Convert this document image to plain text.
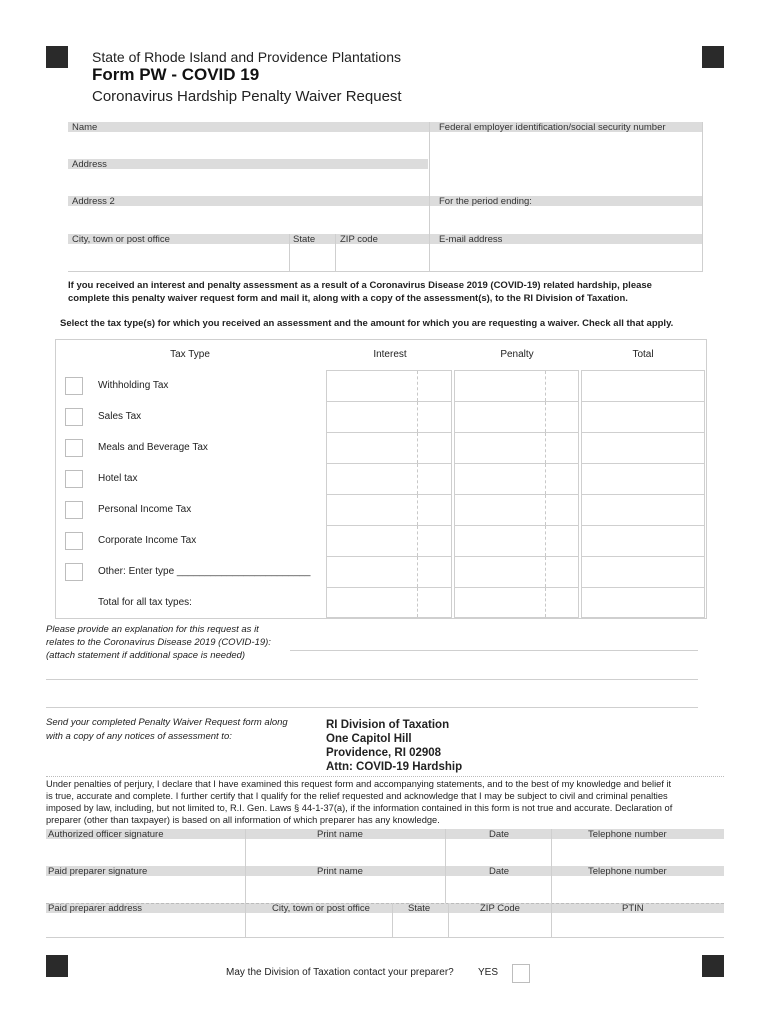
State of Rhode Island and Providence Plantations
Form PW - COVID 19
Coronavirus Hardship Penalty Waiver Request
Name	Federal employer identification/social security number
Address
Address 2	For the period ending:
City, town or post office	State	ZIP code	E-mail address
If you received an interest and penalty assessment as a result of a Coronavirus Disease 2019 (COVID-19) related hardship, please
complete this penalty waiver request form and mail it, along with a copy of the assessment(s), to the RI Division of Taxation.
Select the tax type(s) for which you received an assessment and the amount for which you are requesting a waiver. Check all that apply.
Tax Type	Interest	Penalty	Total
Withholding Tax
Sales Tax
Meals and Beverage Tax
Hotel tax
Personal Income Tax
Corporate Income Tax
Other: Enter type ________________________
Total for all tax types:
Please provide an explanation for this request as it
relates to the Coronavirus Disease 2019 (COVID-19):
(attach statement if additional space is needed)
Send your completed Penalty Waiver Request form along
with a copy of any notices of assessment to:
RI Division of Taxation
One Capitol Hill
Providence, RI 02908
Attn: COVID-19 Hardship
Under penalties of perjury, I declare that I have examined this request form and accompanying statements, and to the best of my knowledge and belief it
is true, accurate and complete. I further certify that I qualify for the relief requested and acknowledge that I may be subject to civil and criminal penalties
imposed by law, including, but not limited to, R.I. Gen. Laws § 44-1-37(a), if the information contained in this form is not true and accurate. Declaration of
preparer (other than taxpayer) is based on all information of which preparer has any knowledge.
Authorized officer signature	Print name	Date	Telephone number
Paid preparer signature	Print name	Date	Telephone number
Paid preparer address	City, town or post office	State	ZIP Code	PTIN
May the Division of Taxation contact your preparer? YES
